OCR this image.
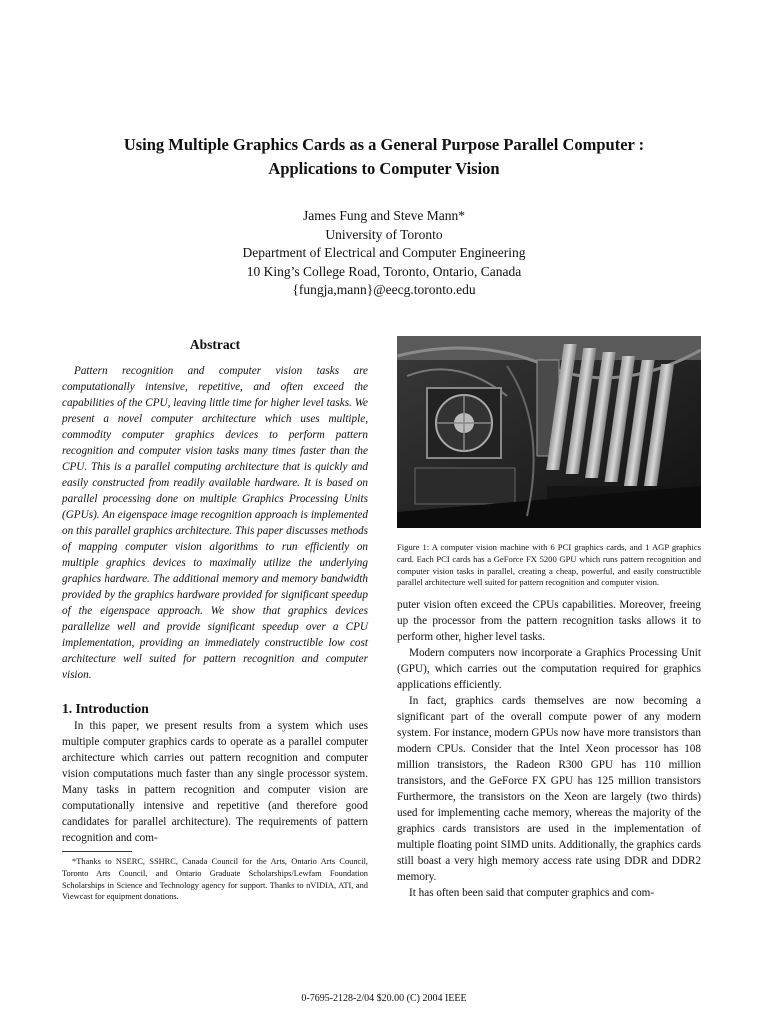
Using Multiple Graphics Cards as a General Purpose Parallel Computer :
Applications to Computer Vision
James Fung and Steve Mann*
University of Toronto
Department of Electrical and Computer Engineering
10 King’s College Road, Toronto, Ontario, Canada
{fungja,mann}@eecg.toronto.edu
Abstract

Pattern recognition and computer vision tasks are computationally intensive, repetitive, and often exceed the capabilities of the CPU, leaving little time for higher level tasks. We present a novel computer architecture which uses multiple, commodity computer graphics devices to perform pattern recognition and computer vision tasks many times faster than the CPU. This is a parallel computing architecture that is quickly and easily constructed from readily available hardware. It is based on parallel processing done on multiple Graphics Processing Units (GPUs). An eigenspace image recognition approach is implemented on this parallel graphics architecture. This paper discusses methods of mapping computer vision algorithms to run efficiently on multiple graphics devices to maximally utilize the underlying graphics hardware. The additional memory and memory bandwidth provided by the graphics hardware provided for significant speedup of the eigenspace approach. We show that graphics devices parallelize well and provide significant speedup over a CPU implementation, providing an immediately constructible low cost architecture well suited for pattern recognition and computer vision.

1. Introduction

In this paper, we present results from a system which uses multiple computer graphics cards to operate as a parallel computer architecture which carries out pattern recognition and computer vision computations much faster than any single processor system. Many tasks in pattern recognition and computer vision are computationally intensive and repetitive (and therefore good candidates for parallel architecture). The requirements of pattern recognition and com-

*Thanks to NSERC, SSHRC, Canada Council for the Arts, Ontario Arts Council, Toronto Arts Council, and Ontario Graduate Scholarships/Lewfam Foundation Scholarships in Science and Technology agency for support. Thanks to nVIDIA, ATI, and Viewcast for equipment donations.

Figure 1: A computer vision machine with 6 PCI graphics cards, and 1 AGP graphics card. Each PCI cards has a GeForce FX 5200 GPU which runs pattern recognition and computer vision tasks in parallel, creating a cheap, powerful, and easily constructible parallel architecture well suited for pattern recognition and computer vision.

puter vision often exceed the CPUs capabilities. Moreover, freeing up the processor from the pattern recognition tasks allows it to perform other, higher level tasks.

Modern computers now incorporate a Graphics Processing Unit (GPU), which carries out the computation required for graphics applications efficiently.

In fact, graphics cards themselves are now becoming a significant part of the overall compute power of any modern system. For instance, modern GPUs now have more transistors than modern CPUs. Consider that the Intel Xeon processor has 108 million transistors, the Radeon R300 GPU has 110 million transistors, and the GeForce FX GPU has 125 million transistors Furthermore, the transistors on the Xeon are largely (two thirds) used for implementing cache memory, whereas the majority of the graphics cards transistors are used in the implementation of multiple floating point SIMD units. Additionally, the graphics cards still boast a very high memory access rate using DDR and DDR2 memory.

It has often been said that computer graphics and com-

0-7695-2128-2/04 $20.00 (C) 2004 IEEE
